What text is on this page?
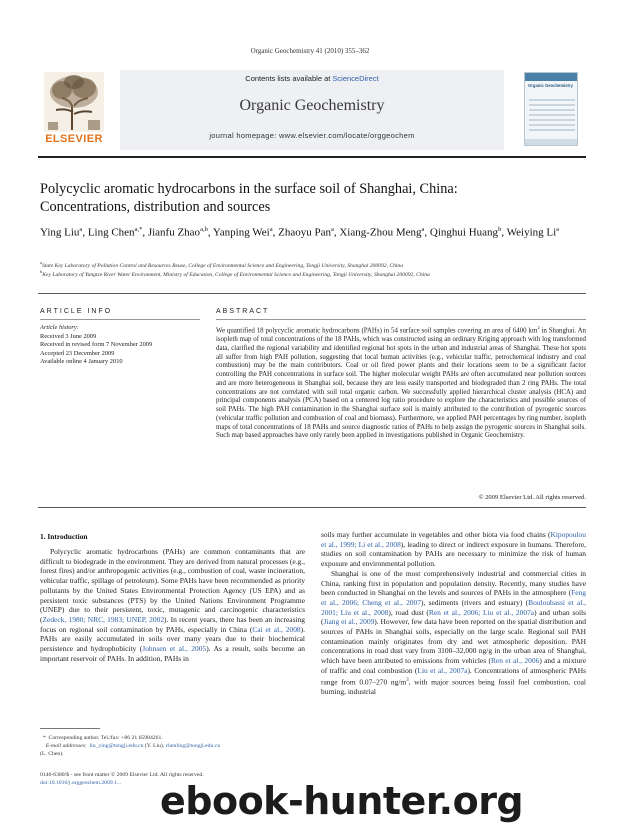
Organic Geochemistry 41 (2010) 355–362
ELSEVIER
Contents lists available at ScienceDirect
Organic Geochemistry
journal homepage: www.elsevier.com/locate/orggeochem
Organic Geochemistry
Polycyclic aromatic hydrocarbons in the surface soil of Shanghai, China:
Concentrations, distribution and sources
Ying Liu$^a$, Ling Chen$^{a,*}$, Jianfu Zhao$^{a,b}$, Yanping Wei$^a$, Zhaoyu Pan$^a$, Xiang-Zhou Meng$^a$, Qinghui Huang$^b$, Weiying Li$^a$
$^a$State Key Laboratory of Pollution Control and Resources Reuse, College of Environmental Science and Engineering, Tongji University, Shanghai 200092, China
$^b$Key Laboratory of Yangtze River Water Environment, Ministry of Education, College of Environmental Science and Engineering, Tongji University, Shanghai 200092, China
ARTICLE INFO	ABSTRACT
Article history:
Received 3 June 2009
Received in revised form 7 November 2009
Accepted 23 December 2009
Available online 4 January 2010
We quantified 18 polycyclic aromatic hydrocarbons (PAHs) in 54 surface soil samples covering an area of 6400 $km^2$ in Shanghai. An isopleth map of total concentrations of the 18 PAHs, which was constructed using an ordinary Kriging approach with log transformed data, clarified the regional variability and identified regional hot spots in the urban and industrial areas of Shanghai. These hot spots all suffer from high PAH pollution, suggesting that local human activities (e.g., vehicular traffic, petrochemical industry and coal combustion) may be the main contributors. Coal or oil fired power plants and their locations seem to be a significant factor controlling the PAH concentrations in surface soil. The higher molecular weight PAHs are often accumulated near pollution sources and are more heterogeneous in Shanghai soil, because they are less easily transported and biodegraded than 2 ring PAHs. The total concentrations are not correlated with soil total organic carbon. We successfully applied hierarchical cluster analysis (HCA) and principal components analysis (PCA) based on a centered log ratio procedure to explore the characteristics and possible sources of soil PAHs. The high PAH contamination in the Shanghai surface soil is mainly attributed to the contribution of pyrogenic sources (vehicular traffic pollution and combustion of coal and biomass). Furthermore, we applied PAH percentages by ring number, isopleth maps of total concentrations of 18 PAHs and source diagnostic ratios of PAHs to help assign the pyrogenic sources in Shanghai soils. Such map based approaches have only rarely been applied in investigations published in Organic Geochemistry.
© 2009 Elsevier Ltd. All rights reserved.
1. Introduction

Polycyclic aromatic hydrocarbons (PAHs) are common contaminants that are difficult to biodegrade in the environment. They are derived from natural processes (e.g., forest fires) and/or anthropogenic activities (e.g., combustion of coal, waste incineration, vehicular traffic, spillage of petroleum). Some PAHs have been recommended as priority pollutants by the United States Environmental Protection Agency (US EPA) and as persistent toxic substances (PTS) by the United Nations Environment Programme (UNEP) due to their persistent, toxic, mutagenic and carcinogenic characteristics (Zedeck, 1980; NRC, 1983; UNEP, 2002). In recent years, there has been an increasing focus on regional soil contamination by PAHs, especially in China (Cai et al., 2008). PAHs are easily accumulated in soils over many years due to their biochemical persistence and hydrophobicity (Johnsen et al., 2005). As a result, soils become an important reservoir of PAHs. In addition, PAHs in

soils may further accumulate in vegetables and other biota via food chains (Kipopoulou et al., 1999; Li et al., 2008), leading to direct or indirect exposure in humans. Therefore, studies on soil contamination by PAHs are necessary to minimize the risk of human exposure and environmental pollution.

Shanghai is one of the most comprehensively industrial and commercial cities in China, ranking first in population and population density. Recently, many studies have been conducted in Shanghai on the levels and sources of PAHs in the atmosphere (Feng et al., 2006; Cheng et al., 2007), sediments (rivers and estuary) (Bouloubassi et al., 2001; Liu et al., 2008), road dust (Ren et al., 2006; Liu et al., 2007a) and urban soils (Jiang et al., 2009). However, few data have been reported on the spatial distribution and sources of PAHs in Shanghai soils, especially on the large scale. Regional soil PAH contamination mainly originates from dry and wet atmospheric deposition. PAH concentrations in road dust vary from 3100–32,000 ng/g in the urban area of Shanghai, which have been attributed to emissions from vehicles (Ren et al., 2006) and a mixture of traffic and coal combustion (Liu et al., 2007a). Concentrations of atmospheric PAHs range from 0.07–270 $ng/m^3$, with major sources being fossil fuel combustion, coal burning, industrial

* Corresponding author. Tel./fax: +86 21 65984261.
E-mail addresses: liu_ying@tongji.edu.cn (Y. Liu), chenling@tongji.edu.cn
(L. Chen).
0146-6380/$ - see front matter © 2009 Elsevier Ltd. All rights reserved.
doi:10.1016/j.orggeochem.2009.1...	ebook-hunter.org
